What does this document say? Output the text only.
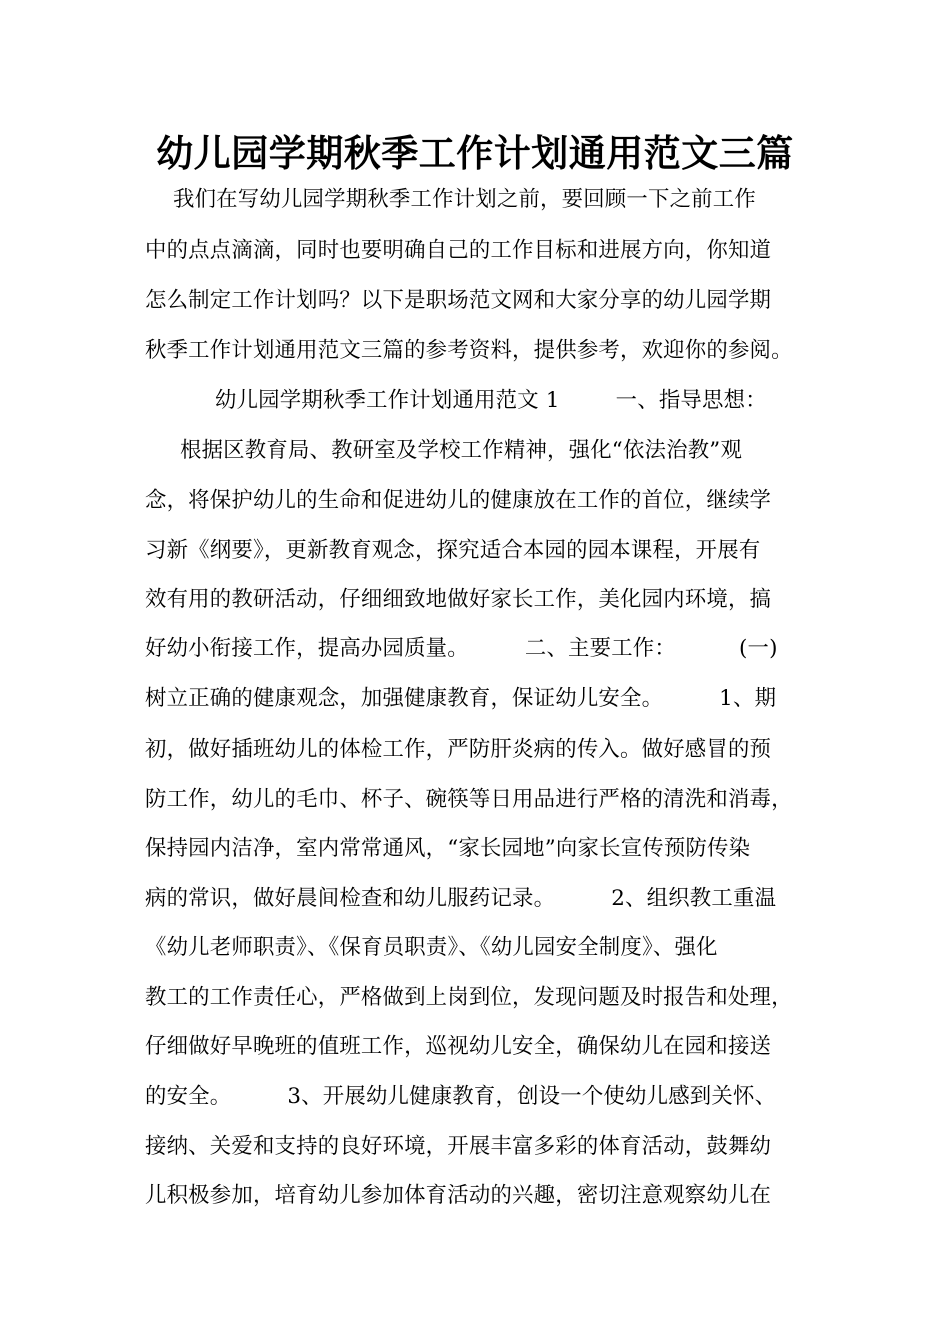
幼儿园学期秋季工作计划通用范文三篇
我们在写幼儿园学期秋季工作计划之前，要回顾一下之前工作
中的点点滴滴，同时也要明确自己的工作目标和进展方向，你知道
怎么制定工作计划吗？以下是职场范文网和大家分享的幼儿园学期
秋季工作计划通用范文三篇的参考资料，提供参考，欢迎你的参阅。
幼儿园学期秋季工作计划通用范文 1        一、指导思想：
根据区教育局、教研室及学校工作精神，强化“依法治教”观
念，将保护幼儿的生命和促进幼儿的健康放在工作的首位，继续学
习新《纲要》，更新教育观念，探究适合本园的园本课程，开展有
效有用的教研活动，仔细细致地做好家长工作，美化园内环境，搞
好幼小衔接工作，提高办园质量。        二、主要工作：         (一)
树立正确的健康观念，加强健康教育，保证幼儿安全。        1、期
初，做好插班幼儿的体检工作，严防肝炎病的传入。做好感冒的预
防工作，幼儿的毛巾、杯子、碗筷等日用品进行严格的清洗和消毒，
保持园内洁净，室内常常通风，“家长园地”向家长宣传预防传染
病的常识，做好晨间检查和幼儿服药记录。        2、组织教工重温
《幼儿老师职责》、《保育员职责》、《幼儿园安全制度》、强化
教工的工作责任心，严格做到上岗到位，发现问题及时报告和处理，
仔细做好早晚班的值班工作，巡视幼儿安全，确保幼儿在园和接送
的安全。        3、开展幼儿健康教育，创设一个使幼儿感到关怀、
接纳、关爱和支持的良好环境，开展丰富多彩的体育活动，鼓舞幼
儿积极参加，培育幼儿参加体育活动的兴趣，密切注意观察幼儿在
